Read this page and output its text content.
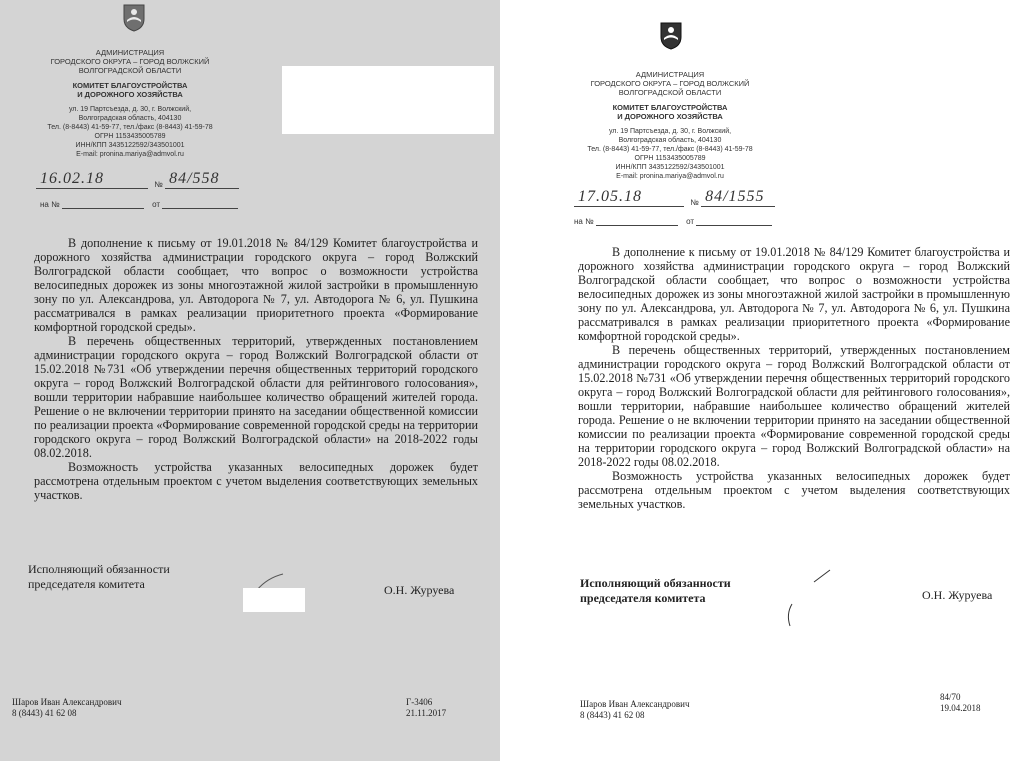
АДМИНИСТРАЦИЯ
ГОРОДСКОГО ОКРУГА – ГОРОД ВОЛЖСКИЙ
ВОЛГОГРАДСКОЙ ОБЛАСТИ
КОМИТЕТ БЛАГОУСТРОЙСТВА
И ДОРОЖНОГО ХОЗЯЙСТВА
ул. 19 Партсъезда, д. 30, г. Волжский,
Волгоградская область, 404130
Тел. (8-8443) 41-59-77, тел./факс (8-8443) 41-59-78
ОГРН 1153435005789
ИНН/КПП 3435122592/343501001
E-mail: pronina.mariya@admvol.ru
16.02.18	№ 84/558
на №	от

В дополнение к письму от 19.01.2018 № 84/129 Комитет благоустройства и дорожного хозяйства администрации городского округа – город Волжский Волгоградской области сообщает, что вопрос о возможности устройства велосипедных дорожек из зоны многоэтажной жилой застройки в промышленную зону по ул. Александрова, ул. Автодорога № 7, ул. Автодорога № 6, ул. Пушкина рассматривался в рамках реализации приоритетного проекта «Формирование комфортной городской среды».

В перечень общественных территорий, утвержденных постановлением администрации городского округа – город Волжский Волгоградской области от 15.02.2018 №731 «Об утверждении перечня общественных территорий городского округа – город Волжский Волгоградской области для рейтингового голосования», вошли территории набравшие наибольшее количество обращений жителей города. Решение о не включении территории принято на заседании общественной комиссии по реализации проекта «Формирование современной городской среды на территории городского округа – город Волжский Волгоградской области» на 2018-2022 годы 08.02.2018.

Возможность устройства указанных велосипедных дорожек будет рассмотрена отдельным проектом с учетом выделения соответствующих земельных участков.

Исполняющий обязанности
председателя комитета	О.Н. Журуева
Шаров Иван Александрович
8 (8443) 41 62 08
Г-3406
21.11.2017
АДМИНИСТРАЦИЯ
ГОРОДСКОГО ОКРУГА – ГОРОД ВОЛЖСКИЙ
ВОЛГОГРАДСКОЙ ОБЛАСТИ
КОМИТЕТ БЛАГОУСТРОЙСТВА
И ДОРОЖНОГО ХОЗЯЙСТВА
ул. 19 Партсъезда, д. 30, г. Волжский,
Волгоградская область, 404130
Тел. (8-8443) 41-59-77, тел./факс (8-8443) 41-59-78
ОГРН 1153435005789
ИНН/КПП 3435122592/343501001
E-mail: pronina.mariya@admvol.ru
17.05.18	№ 84/1555
на №	от

В дополнение к письму от 19.01.2018 № 84/129 Комитет благоустройства и дорожного хозяйства администрации городского округа – город Волжский Волгоградской области сообщает, что вопрос о возможности устройства велосипедных дорожек из зоны многоэтажной жилой застройки в промышленную зону по ул. Александрова, ул. Автодорога № 7, ул. Автодорога № 6, ул. Пушкина рассматривался в рамках реализации приоритетного проекта «Формирование комфортной городской среды».

В перечень общественных территорий, утвержденных постановлением администрации городского округа – город Волжский Волгоградской области от 15.02.2018 №731 «Об утверждении перечня общественных территорий городского округа – город Волжский Волгоградской области для рейтингового голосования», вошли территории, набравшие наибольшее количество обращений жителей города. Решение о не включении территории принято на заседании общественной комиссии по реализации проекта «Формирование современной городской среды на территории городского округа – город Волжский Волгоградской области» на 2018-2022 годы 08.02.2018.

Возможность устройства указанных велосипедных дорожек будет рассмотрена отдельным проектом с учетом выделения соответствующих земельных участков.

Исполняющий обязанности
председателя комитета	О.Н. Журуева
Шаров Иван Александрович
8 (8443) 41 62 08
84/70
19.04.2018
